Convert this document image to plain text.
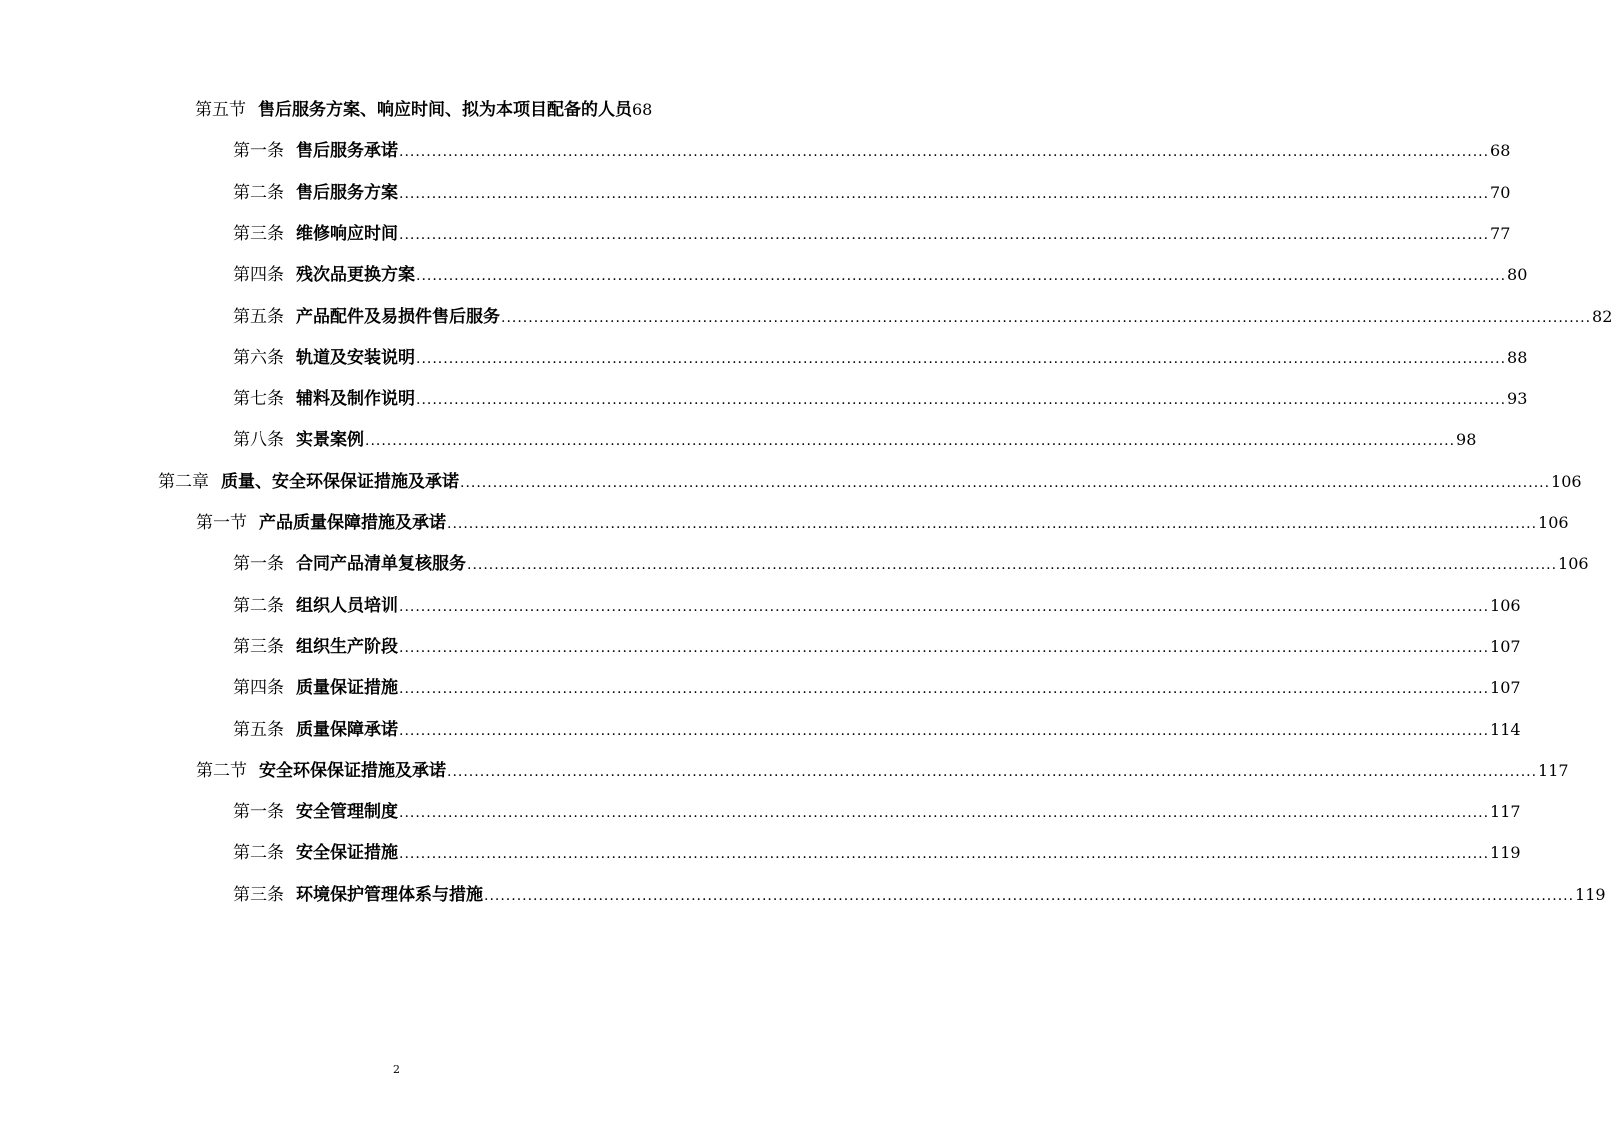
第五节 售后服务方案、响应时间、拟为本项目配备的人员 68
第一条 售后服务承诺 ........................................................................................................................................................................................................ 68
第二条 售后服务方案 ........................................................................................................................................................................................................ 70
第三条 维修响应时间 ........................................................................................................................................................................................................ 77
第四条 残次品更换方案 ........................................................................................................................................................................................................ 80
第五条 产品配件及易损件售后服务 ........................................................................................................................................................................................................ 82
第六条 轨道及安装说明 ........................................................................................................................................................................................................ 88
第七条 辅料及制作说明 ........................................................................................................................................................................................................ 93
第八条 实景案例 ........................................................................................................................................................................................................ 98
第二章 质量、安全环保保证措施及承诺 ........................................................................................................................................................................................................ 106
第一节 产品质量保障措施及承诺 ........................................................................................................................................................................................................ 106
第一条 合同产品清单复核服务 ........................................................................................................................................................................................................ 106
第二条 组织人员培训 ........................................................................................................................................................................................................ 106
第三条 组织生产阶段 ........................................................................................................................................................................................................ 107
第四条 质量保证措施 ........................................................................................................................................................................................................ 107
第五条 质量保障承诺 ........................................................................................................................................................................................................ 114
第二节 安全环保保证措施及承诺 ........................................................................................................................................................................................................ 117
第一条 安全管理制度 ........................................................................................................................................................................................................ 117
第二条 安全保证措施 ........................................................................................................................................................................................................ 119
第三条 环境保护管理体系与措施 ........................................................................................................................................................................................................ 119
2
